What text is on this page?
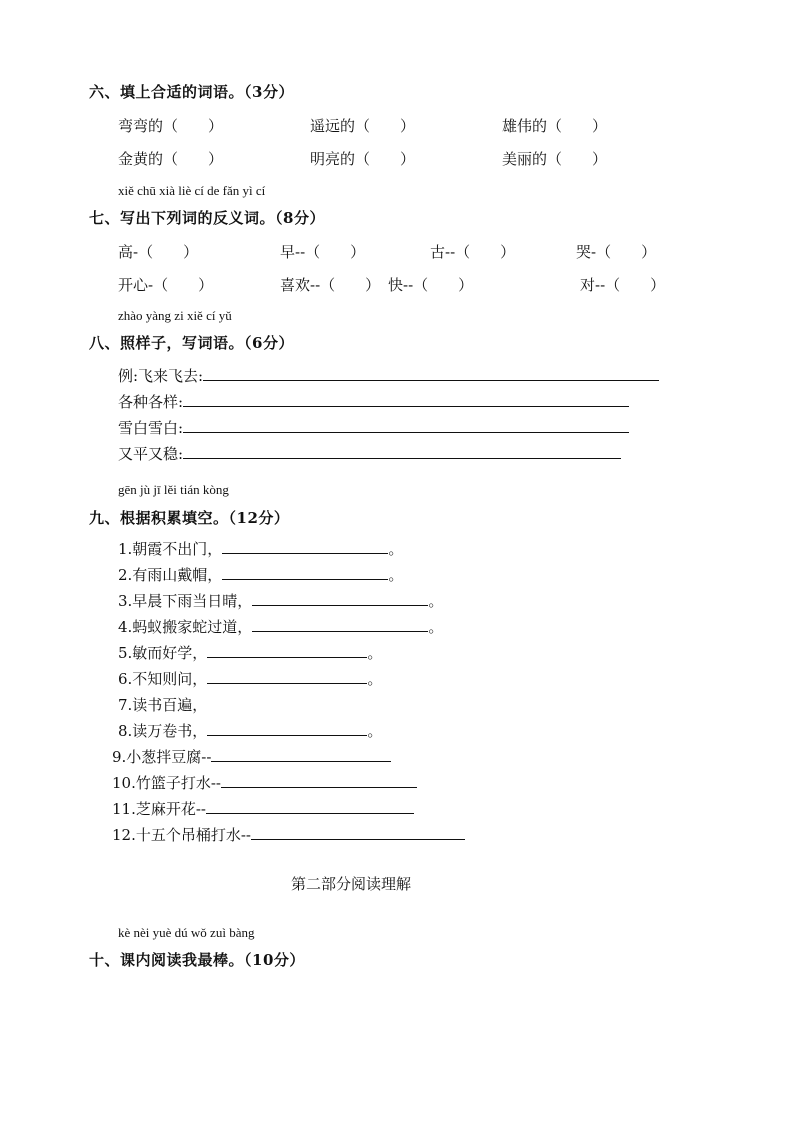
六、填上合适的词语。（3分）
弯弯的（　　）	遥远的（　　）	雄伟的（　　）
金黄的（　　）	明亮的（　　）	美丽的（　　）
xiě chū xià liè cí de fǎn yì cí
七、写出下列词的反义词。（8分）
高-（　　）	早--（　　）	古--（　　）	哭-（　　）
开心-（　　）	喜欢--（　　） 快--（　　）	对--（　　）
zhào yàng zi xiě cí yǔ
八、照样子，写词语。（6分）
例:飞来飞去:
各种各样:
雪白雪白:
又平又稳:
gēn jù jī lěi tián kòng
九、根据积累填空。（12分）
1.朝霞不出门，	。
2.有雨山戴帽，	。
3.早晨下雨当日晴，	。
4.蚂蚁搬家蛇过道，	。
5.敏而好学，	。
6.不知则问，	。
7.读书百遍，
8.读万卷书，	。
9.小葱拌豆腐--
10.竹篮子打水--
11.芝麻开花--
12.十五个吊桶打水--
第二部分阅读理解
kè nèi yuè dú wǒ zuì bàng
十、课内阅读我最棒。（10分）
